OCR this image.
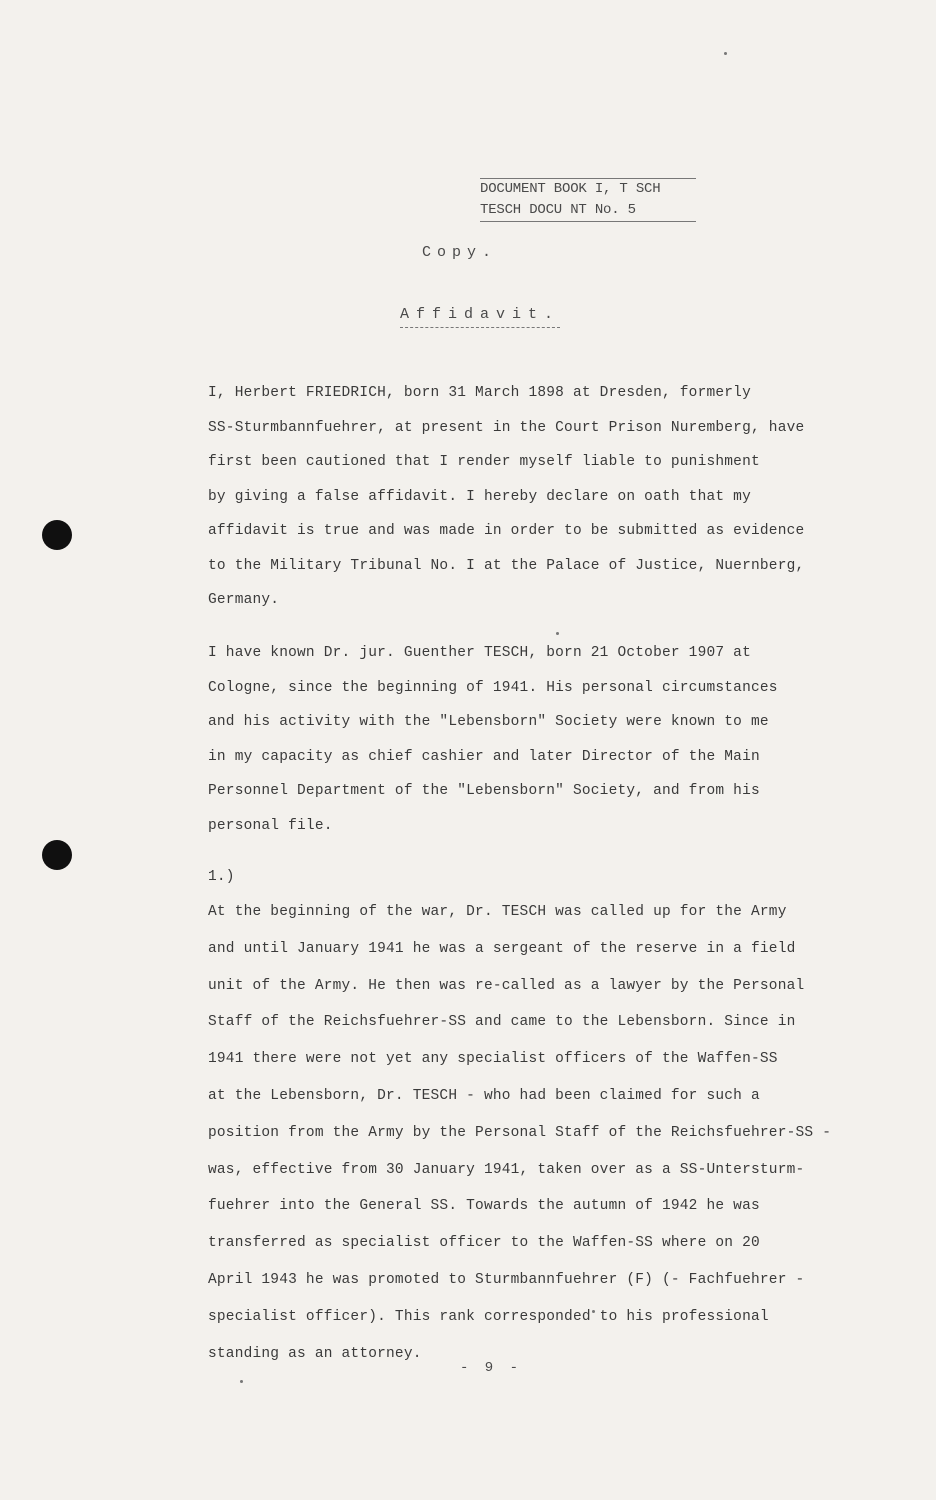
DOCUMENT BOOK I, T SCH
TESCH DOCU NT No. 5
Copy.
Affidavit.
I, Herbert FRIEDRICH, born 31 March 1898 at Dresden, formerly
SS-Sturmbannfuehrer, at present in the Court Prison Nuremberg, have
first been cautioned that I render myself liable to punishment
by giving a false affidavit. I hereby declare on oath that my
affidavit is true and was made in order to be submitted as evidence
to the Military Tribunal No. I at the Palace of Justice, Nuernberg,
Germany.
I have known Dr. jur. Guenther TESCH, born 21 October 1907 at
Cologne, since the beginning of 1941. His personal circumstances
and his activity with the "Lebensborn" Society were known to me
in my capacity as chief cashier and later Director of the Main
Personnel Department of the "Lebensborn" Society, and from his
personal file.
1.)
At the beginning of the war, Dr. TESCH was called up for the Army
and until January 1941 he was a sergeant of the reserve in a field
unit of the Army. He then was re-called as a lawyer by the Personal
Staff of the Reichsfuehrer-SS and came to the Lebensborn. Since in
1941 there were not yet any specialist officers of the Waffen-SS
at the Lebensborn, Dr. TESCH - who had been claimed for such a
position from the Army by the Personal Staff of the Reichsfuehrer-SS -
was, effective from 30 January 1941, taken over as a SS-Untersturm-
fuehrer into the General SS. Towards the autumn of 1942 he was
transferred as specialist officer to the Waffen-SS where on 20
April 1943 he was promoted to Sturmbannfuehrer (F) (- Fachfuehrer -
specialist officer). This rank corresponded to his professional
standing as an attorney.
- 9 -
